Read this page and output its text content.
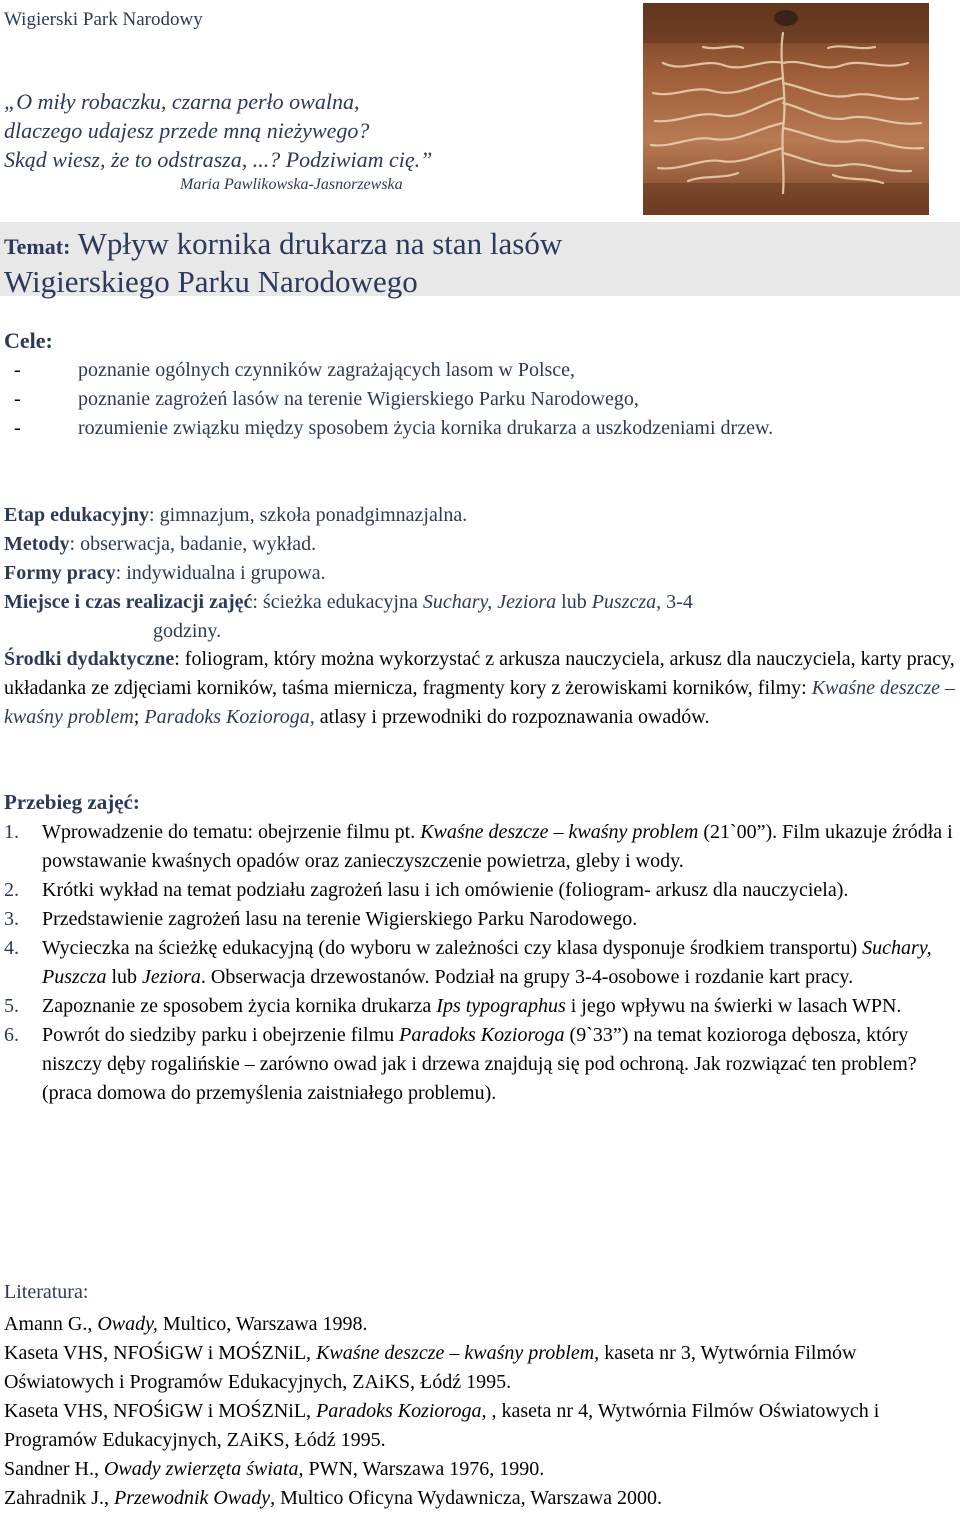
Wigierski Park Narodowy
„O miły robaczku, czarna perło owalna,
dlaczego udajesz przede mną nieżywego?
Skąd wiesz, że to odstrasza, ...? Podziwiam cię.”
Maria Pawlikowska-Jasnorzewska
Temat: Wpływ kornika drukarza na stan lasów
Wigierskiego Parku Narodowego
Cele:
-	poznanie ogólnych czynników zagrażających lasom w Polsce,
-	poznanie zagrożeń lasów na terenie Wigierskiego Parku Narodowego,
-	rozumienie związku między sposobem życia kornika drukarza a uszkodzeniami drzew.
Etap edukacyjny: gimnazjum, szkoła ponadgimnazjalna.
Metody: obserwacja, badanie, wykład.
Formy pracy: indywidualna i grupowa.
Miejsce i czas realizacji zajęć: ścieżka edukacyjna Suchary, Jeziora lub Puszcza, 3-4
godziny.
Środki dydaktyczne: foliogram, który można wykorzystać z arkusza nauczyciela, arkusz dla nauczyciela, karty pracy, układanka ze zdjęciami korników, taśma miernicza, fragmenty kory z żerowiskami korników, filmy: Kwaśne deszcze – kwaśny problem; Paradoks Kozioroga, atlasy i przewodniki do rozpoznawania owadów.
Przebieg zajęć:
1.	Wprowadzenie do tematu: obejrzenie filmu pt. Kwaśne deszcze – kwaśny problem (21`00”). Film ukazuje źródła i powstawanie kwaśnych opadów oraz zanieczyszczenie powietrza, gleby i wody.
2.	Krótki wykład na temat podziału zagrożeń lasu i ich omówienie (foliogram- arkusz dla nauczyciela).
3.	Przedstawienie zagrożeń lasu na terenie Wigierskiego Parku Narodowego.
4.	Wycieczka na ścieżkę edukacyjną (do wyboru w zależności czy klasa dysponuje środkiem transportu) Suchary, Puszcza lub Jeziora. Obserwacja drzewostanów. Podział na grupy 3-4-osobowe i rozdanie kart pracy.
5.	Zapoznanie ze sposobem życia kornika drukarza Ips typographus i jego wpływu na świerki w lasach WPN.
6.	Powrót do siedziby parku i obejrzenie filmu Paradoks Kozioroga (9`33”) na temat kozioroga dębosza, który niszczy dęby rogalińskie – zarówno owad jak i drzewa znajdują się pod ochroną. Jak rozwiązać ten problem? (praca domowa do przemyślenia zaistniałego problemu).
Literatura:
Amann G., Owady, Multico, Warszawa 1998.
Kaseta VHS, NFOŚiGW i MOŚZNiL, Kwaśne deszcze – kwaśny problem, kaseta nr 3, Wytwórnia Filmów Oświatowych i Programów Edukacyjnych, ZAiKS, Łódź 1995.
Kaseta VHS, NFOŚiGW i MOŚZNiL, Paradoks Kozioroga, , kaseta nr 4, Wytwórnia Filmów Oświatowych i Programów Edukacyjnych, ZAiKS, Łódź 1995.
Sandner H., Owady zwierzęta świata, PWN, Warszawa 1976, 1990.
Zahradnik J., Przewodnik Owady, Multico Oficyna Wydawnicza, Warszawa 2000.
